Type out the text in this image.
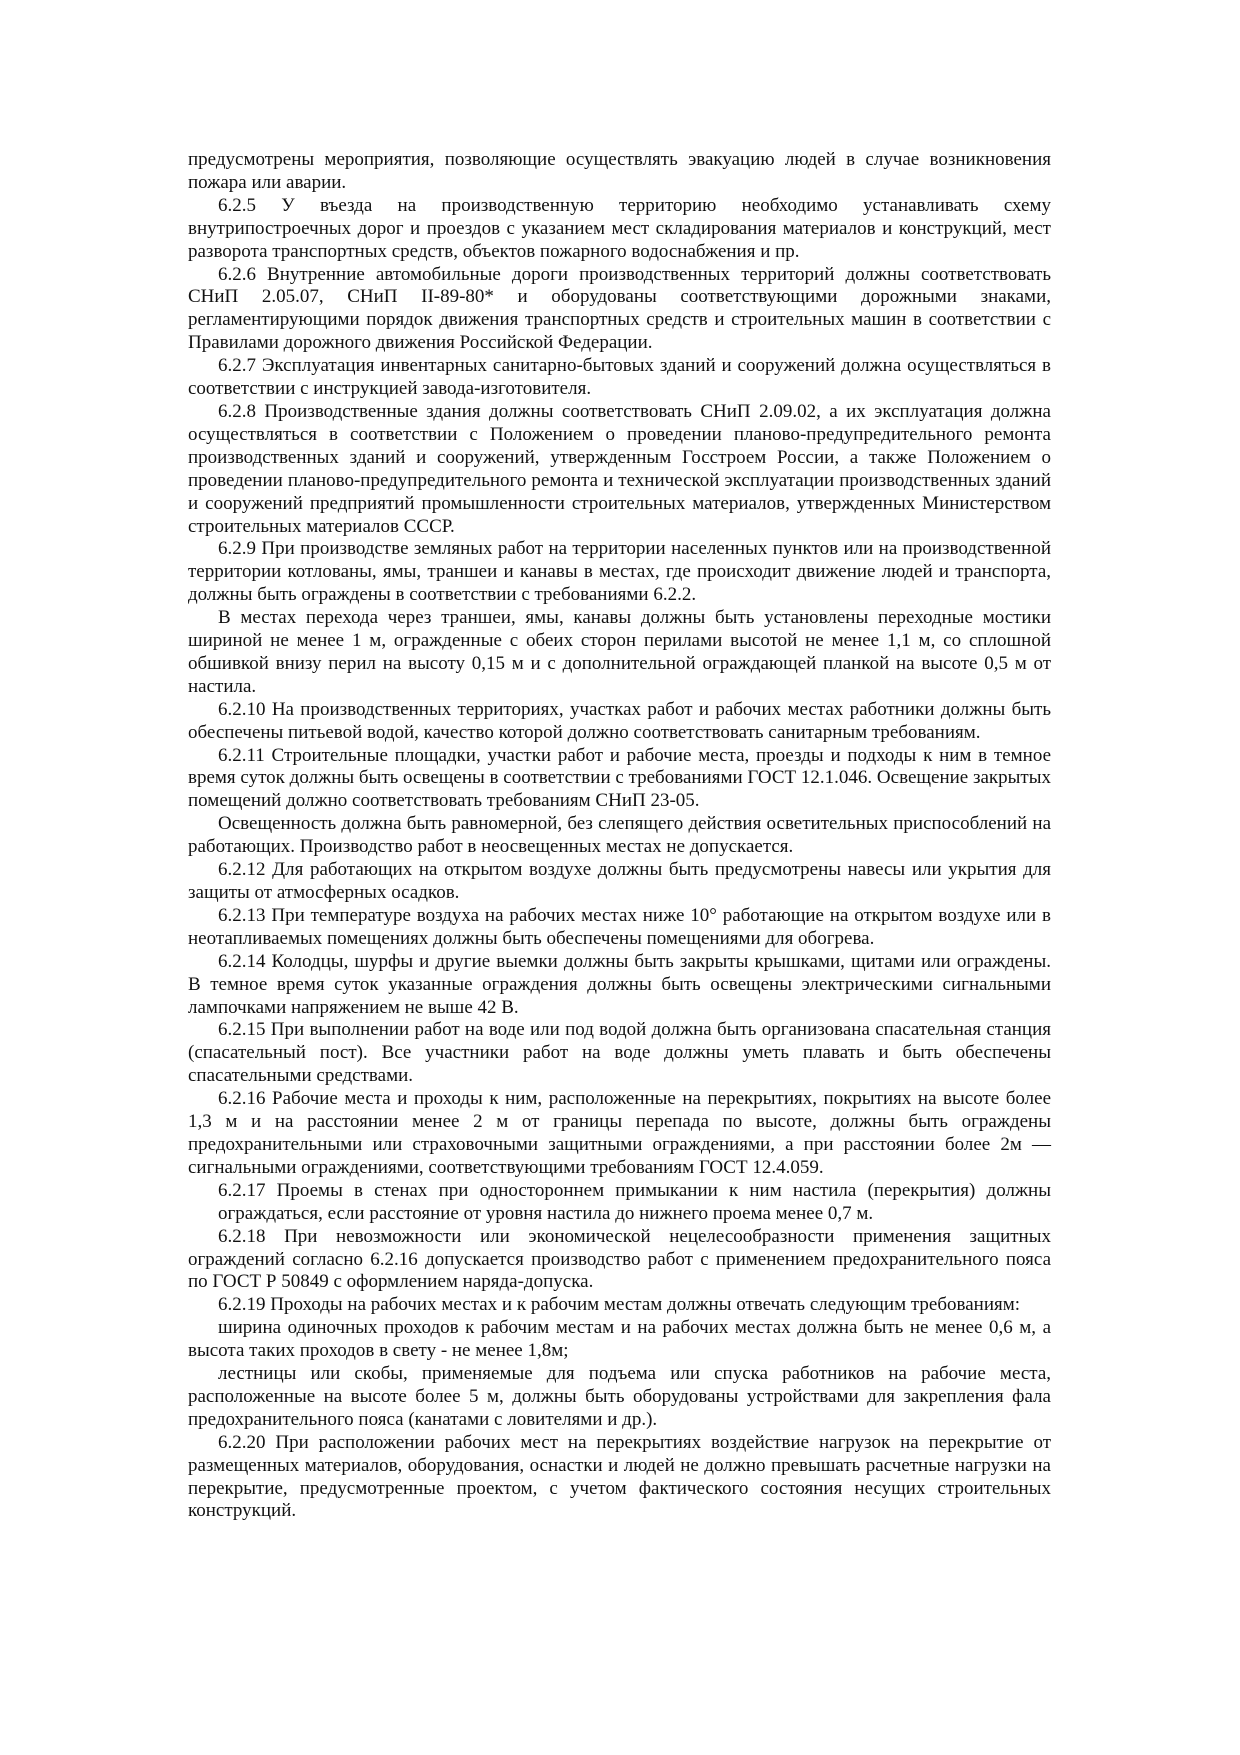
предусмотрены мероприятия, позволяющие осуществлять эвакуацию людей в случае возникновения пожара или аварии.

6.2.5 У въезда на производственную территорию необходимо устанавливать схему внутрипостроечных дорог и проездов с указанием мест складирования материалов и конструкций, мест разворота транспортных средств, объектов пожарного водоснабжения и пр.

6.2.6 Внутренние автомобильные дороги производственных территорий должны соответствовать СНиП 2.05.07, СНиП II-89-80* и оборудованы соответствующими дорожными знаками, регламентирующими порядок движения транспортных средств и строительных машин в соответствии с Правилами дорожного движения Российской Федерации.

6.2.7 Эксплуатация инвентарных санитарно-бытовых зданий и сооружений должна осуществляться в соответствии с инструкцией завода-изготовителя.

6.2.8 Производственные здания должны соответствовать СНиП 2.09.02, а их эксплуатация должна осуществляться в соответствии с Положением о проведении планово-предупредительного ремонта производственных зданий и сооружений, утвержденным Госстроем России, а также Положением о проведении планово-предупредительного ремонта и технической эксплуатации производственных зданий и сооружений предприятий промышленности строительных материалов, утвержденных Министерством строительных материалов СССР.

6.2.9 При производстве земляных работ на территории населенных пунктов или на производственной территории котлованы, ямы, траншеи и канавы в местах, где происходит движение людей и транспорта, должны быть ограждены в соответствии с требованиями 6.2.2.

В местах перехода через траншеи, ямы, канавы должны быть установлены переходные мостики шириной не менее 1 м, огражденные с обеих сторон перилами высотой не менее 1,1 м, со сплошной обшивкой внизу перил на высоту 0,15 м и с дополнительной ограждающей планкой на высоте 0,5 м от настила.

6.2.10 На производственных территориях, участках работ и рабочих местах работники должны быть обеспечены питьевой водой, качество которой должно соответствовать санитарным требованиям.

6.2.11 Строительные площадки, участки работ и рабочие места, проезды и подходы к ним в темное время суток должны быть освещены в соответствии с требованиями ГОСТ 12.1.046. Освещение закрытых помещений должно соответствовать требованиям СНиП 23-05.

Освещенность должна быть равномерной, без слепящего действия осветительных приспособлений на работающих. Производство работ в неосвещенных местах не допускается.

6.2.12 Для работающих на открытом воздухе должны быть предусмотрены навесы или укрытия для защиты от атмосферных осадков.

6.2.13 При температуре воздуха на рабочих местах ниже 10° работающие на открытом воздухе или в неотапливаемых помещениях должны быть обеспечены помещениями для обогрева.

6.2.14 Колодцы, шурфы и другие выемки должны быть закрыты крышками, щитами или ограждены. В темное время суток указанные ограждения должны быть освещены электрическими сигнальными лампочками напряжением не выше 42 В.

6.2.15 При выполнении работ на воде или под водой должна быть организована спасательная станция (спасательный пост). Все участники работ на воде должны уметь плавать и быть обеспечены спасательными средствами.

6.2.16 Рабочие места и проходы к ним, расположенные на перекрытиях, покрытиях на высоте более 1,3 м и на расстоянии менее 2 м от границы перепада по высоте, должны быть ограждены предохранительными или страховочными защитными ограждениями, а при расстоянии более 2м — сигнальными ограждениями, соответствующими требованиям ГОСТ 12.4.059.

6.2.17 Проемы в стенах при одностороннем примыкании к ним настила (перекрытия) должны ограждаться, если расстояние от уровня настила до нижнего проема менее 0,7 м.

6.2.18 При невозможности или экономической нецелесообразности применения защитных ограждений согласно 6.2.16 допускается производство работ с применением предохранительного пояса по ГОСТ Р 50849 с оформлением наряда-допуска.

6.2.19 Проходы на рабочих местах и к рабочим местам должны отвечать следующим требованиям:

ширина одиночных проходов к рабочим местам и на рабочих местах должна быть не менее 0,6 м, а высота таких проходов в свету - не менее 1,8м;

лестницы или скобы, применяемые для подъема или спуска работников на рабочие места, расположенные на высоте более 5 м, должны быть оборудованы устройствами для закрепления фала предохранительного пояса (канатами с ловителями и др.).

6.2.20 При расположении рабочих мест на перекрытиях воздействие нагрузок на перекрытие от размещенных материалов, оборудования, оснастки и людей не должно превышать расчетные нагрузки на перекрытие, предусмотренные проектом, с учетом фактического состояния несущих строительных конструкций.
